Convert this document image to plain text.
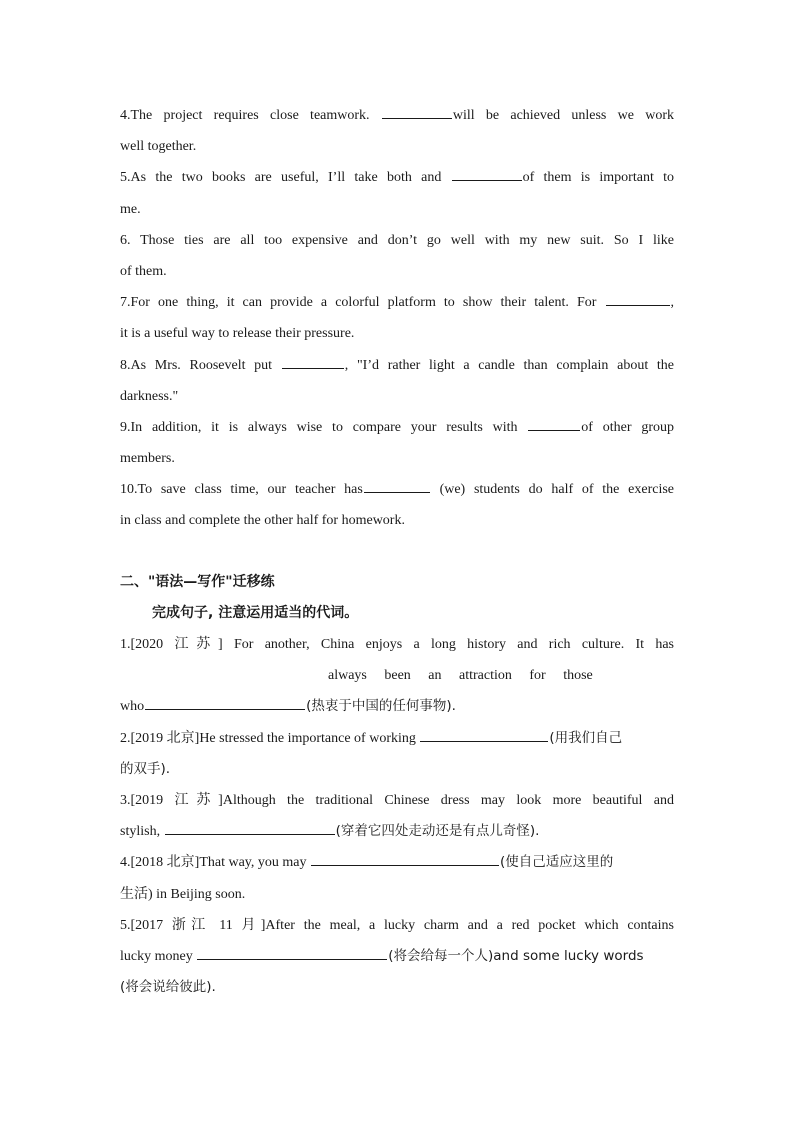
4.The project requires close teamwork.	will be achieved unless we work
well together.
5.As the two books are useful, I’ll take both and	of them is important to
me.
6. Those ties are all too expensive and don’t go well with my new suit. So I like
of them.
7.For one thing, it can provide a colorful platform to show their talent. For	,
it is a useful way to release their pressure.
8.As Mrs. Roosevelt put	, "I’d rather light a candle than complain about the
darkness."
9.In addition, it is always wise to compare your results with	of other group
members.
10.To save class time, our teacher has	(we) students do half of the exercise
in class and complete the other half for homework.
二、"语法—写作"迁移练
完成句子, 注意运用适当的代词。
1.[2020 江苏] For another, China enjoys a long history and rich culture. It has
always been an attraction for those
who	(热衷于中国的任何事物).
2.[2019 北京]He stressed the importance of working	(用我们自己
的双手).
3.[2019 江苏]Although the traditional Chinese dress may look more beautiful and
stylish,	(穿着它四处走动还是有点儿奇怪).
4.[2018 北京]That way, you may	(使自己适应这里的
生活) in Beijing soon.
5.[2017 浙江 11 月]After the meal, a lucky charm and a red pocket which contains
lucky money	(将会给每一个人)and some lucky words
(将会说给彼此).
